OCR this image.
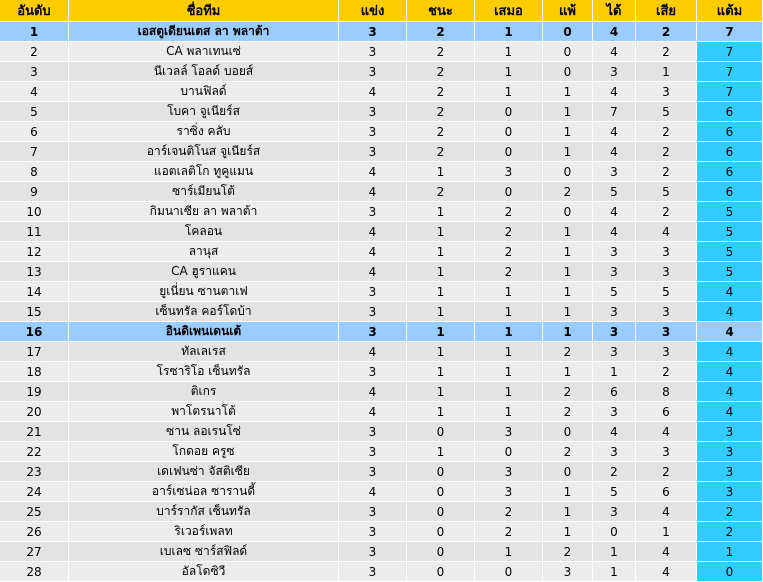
อันดับ	ชื่อทีม	แข่ง	ชนะ	เสมอ	แพ้	ได้	เสีย	แต้ม
1	เอสตูเดียนเตส ลา พลาต้า	3	2	1	0	4	2	7
2	CA พลาเทนเซ่	3	2	1	0	4	2	7
3	นีเวลล์ โอลด์ บอยส์	3	2	1	0	3	1	7
4	บานฟิลด์	4	2	1	1	4	3	7
5	โบคา จูเนียร์ส	3	2	0	1	7	5	6
6	ราซิ่ง คลับ	3	2	0	1	4	2	6
7	อาร์เจนติโนส จูเนียร์ส	3	2	0	1	4	2	6
8	แอตเลติโก ทูคูแมน	4	1	3	0	3	2	6
9	ซาร์เมียนโต้	4	2	0	2	5	5	6
10	กิมนาเซีย ลา พลาต้า	3	1	2	0	4	2	5
11	โคลอน	4	1	2	1	4	4	5
12	ลานุส	4	1	2	1	3	3	5
13	CA ฮูราแคน	4	1	2	1	3	3	5
14	ยูเนี่ยน ซานตาเฟ	3	1	1	1	5	5	4
15	เซ็นทรัล คอร์โดบ้า	3	1	1	1	3	3	4
16	อินดิเพนเดนเต้	3	1	1	1	3	3	4
17	ทัลเลเรส	4	1	1	2	3	3	4
18	โรซาริโอ เซ็นทรัล	3	1	1	1	1	2	4
19	ติเกร	4	1	1	2	6	8	4
20	พาโตรนาโต้	4	1	1	2	3	6	4
21	ซาน ลอเรนโซ่	3	0	3	0	4	4	3
22	โกดอย ครูซ	3	1	0	2	3	3	3
23	เดเฟนซ่า จัสติเซีย	3	0	3	0	2	2	3
24	อาร์เซน่อล ซารานดี้	4	0	3	1	5	6	3
25	บาร์รากัส เซ็นทรัล	3	0	2	1	3	4	2
26	ริเวอร์เพลท	3	0	2	1	0	1	2
27	เบเลซ ซาร์สฟิลด์	3	0	1	2	1	4	1
28	อัลโดซิวี	3	0	0	3	1	4	0
